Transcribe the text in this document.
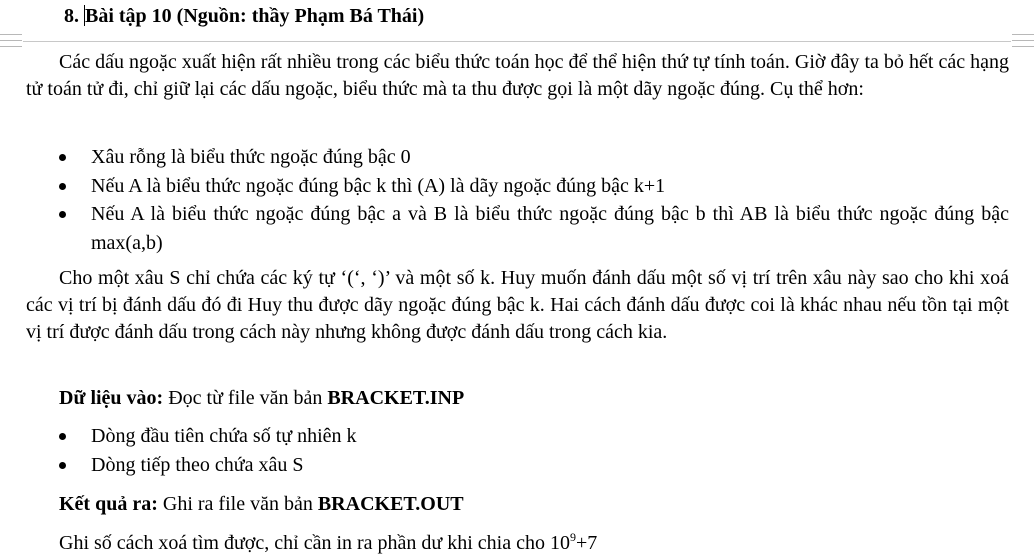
8. Bài tập 10 (Nguồn: thầy Phạm Bá Thái)

Các dấu ngoặc xuất hiện rất nhiều trong các biểu thức toán học để thể hiện thứ tự tính toán. Giờ đây ta bỏ hết các hạng tử toán tử đi, chỉ giữ lại các dấu ngoặc, biểu thức mà ta thu được gọi là một dãy ngoặc đúng. Cụ thể hơn:

Xâu rỗng là biểu thức ngoặc đúng bậc 0
Nếu A là biểu thức ngoặc đúng bậc k thì (A) là dãy ngoặc đúng bậc k+1
Nếu A là biểu thức ngoặc đúng bậc a và B là biểu thức ngoặc đúng bậc b thì AB là biểu thức ngoặc đúng bậc max(a,b)

Cho một xâu S chỉ chứa các ký tự ‘(‘, ‘)’ và một số k. Huy muốn đánh dấu một số vị trí trên xâu này sao cho khi xoá các vị trí bị đánh dấu đó đi Huy thu được dãy ngoặc đúng bậc k. Hai cách đánh dấu được coi là khác nhau nếu tồn tại một vị trí được đánh dấu trong cách này nhưng không được đánh dấu trong cách kia.

Dữ liệu vào: Đọc từ file văn bản BRACKET.INP
Dòng đầu tiên chứa số tự nhiên k
Dòng tiếp theo chứa xâu S
Kết quả ra: Ghi ra file văn bản BRACKET.OUT
Ghi số cách xoá tìm được, chỉ cần in ra phần dư khi chia cho $10^9+7$
